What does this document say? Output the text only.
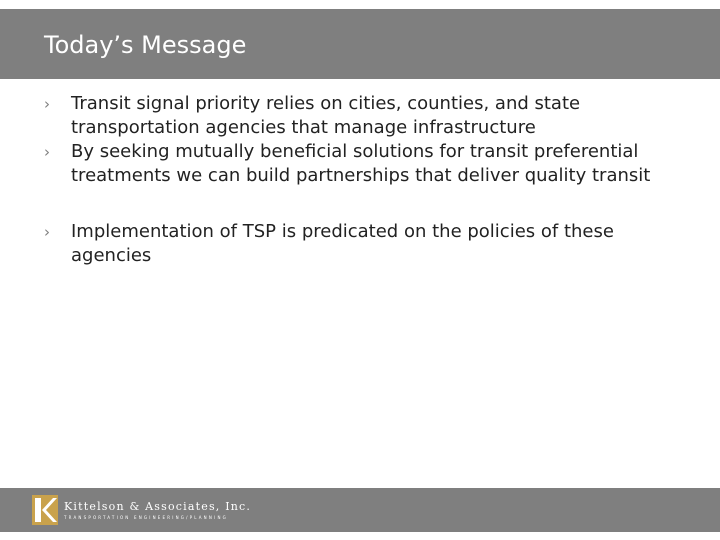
Today’s Message
› Transit signal priority relies on cities, counties, and state transportation agencies that manage infrastructure
› By seeking mutually beneficial solutions for transit preferential treatments we can build partnerships that deliver quality transit
› Implementation of TSP is predicated on the policies of these agencies
Kittelson & Associates, Inc.
TRANSPORTATION ENGINEERING/PLANNING
